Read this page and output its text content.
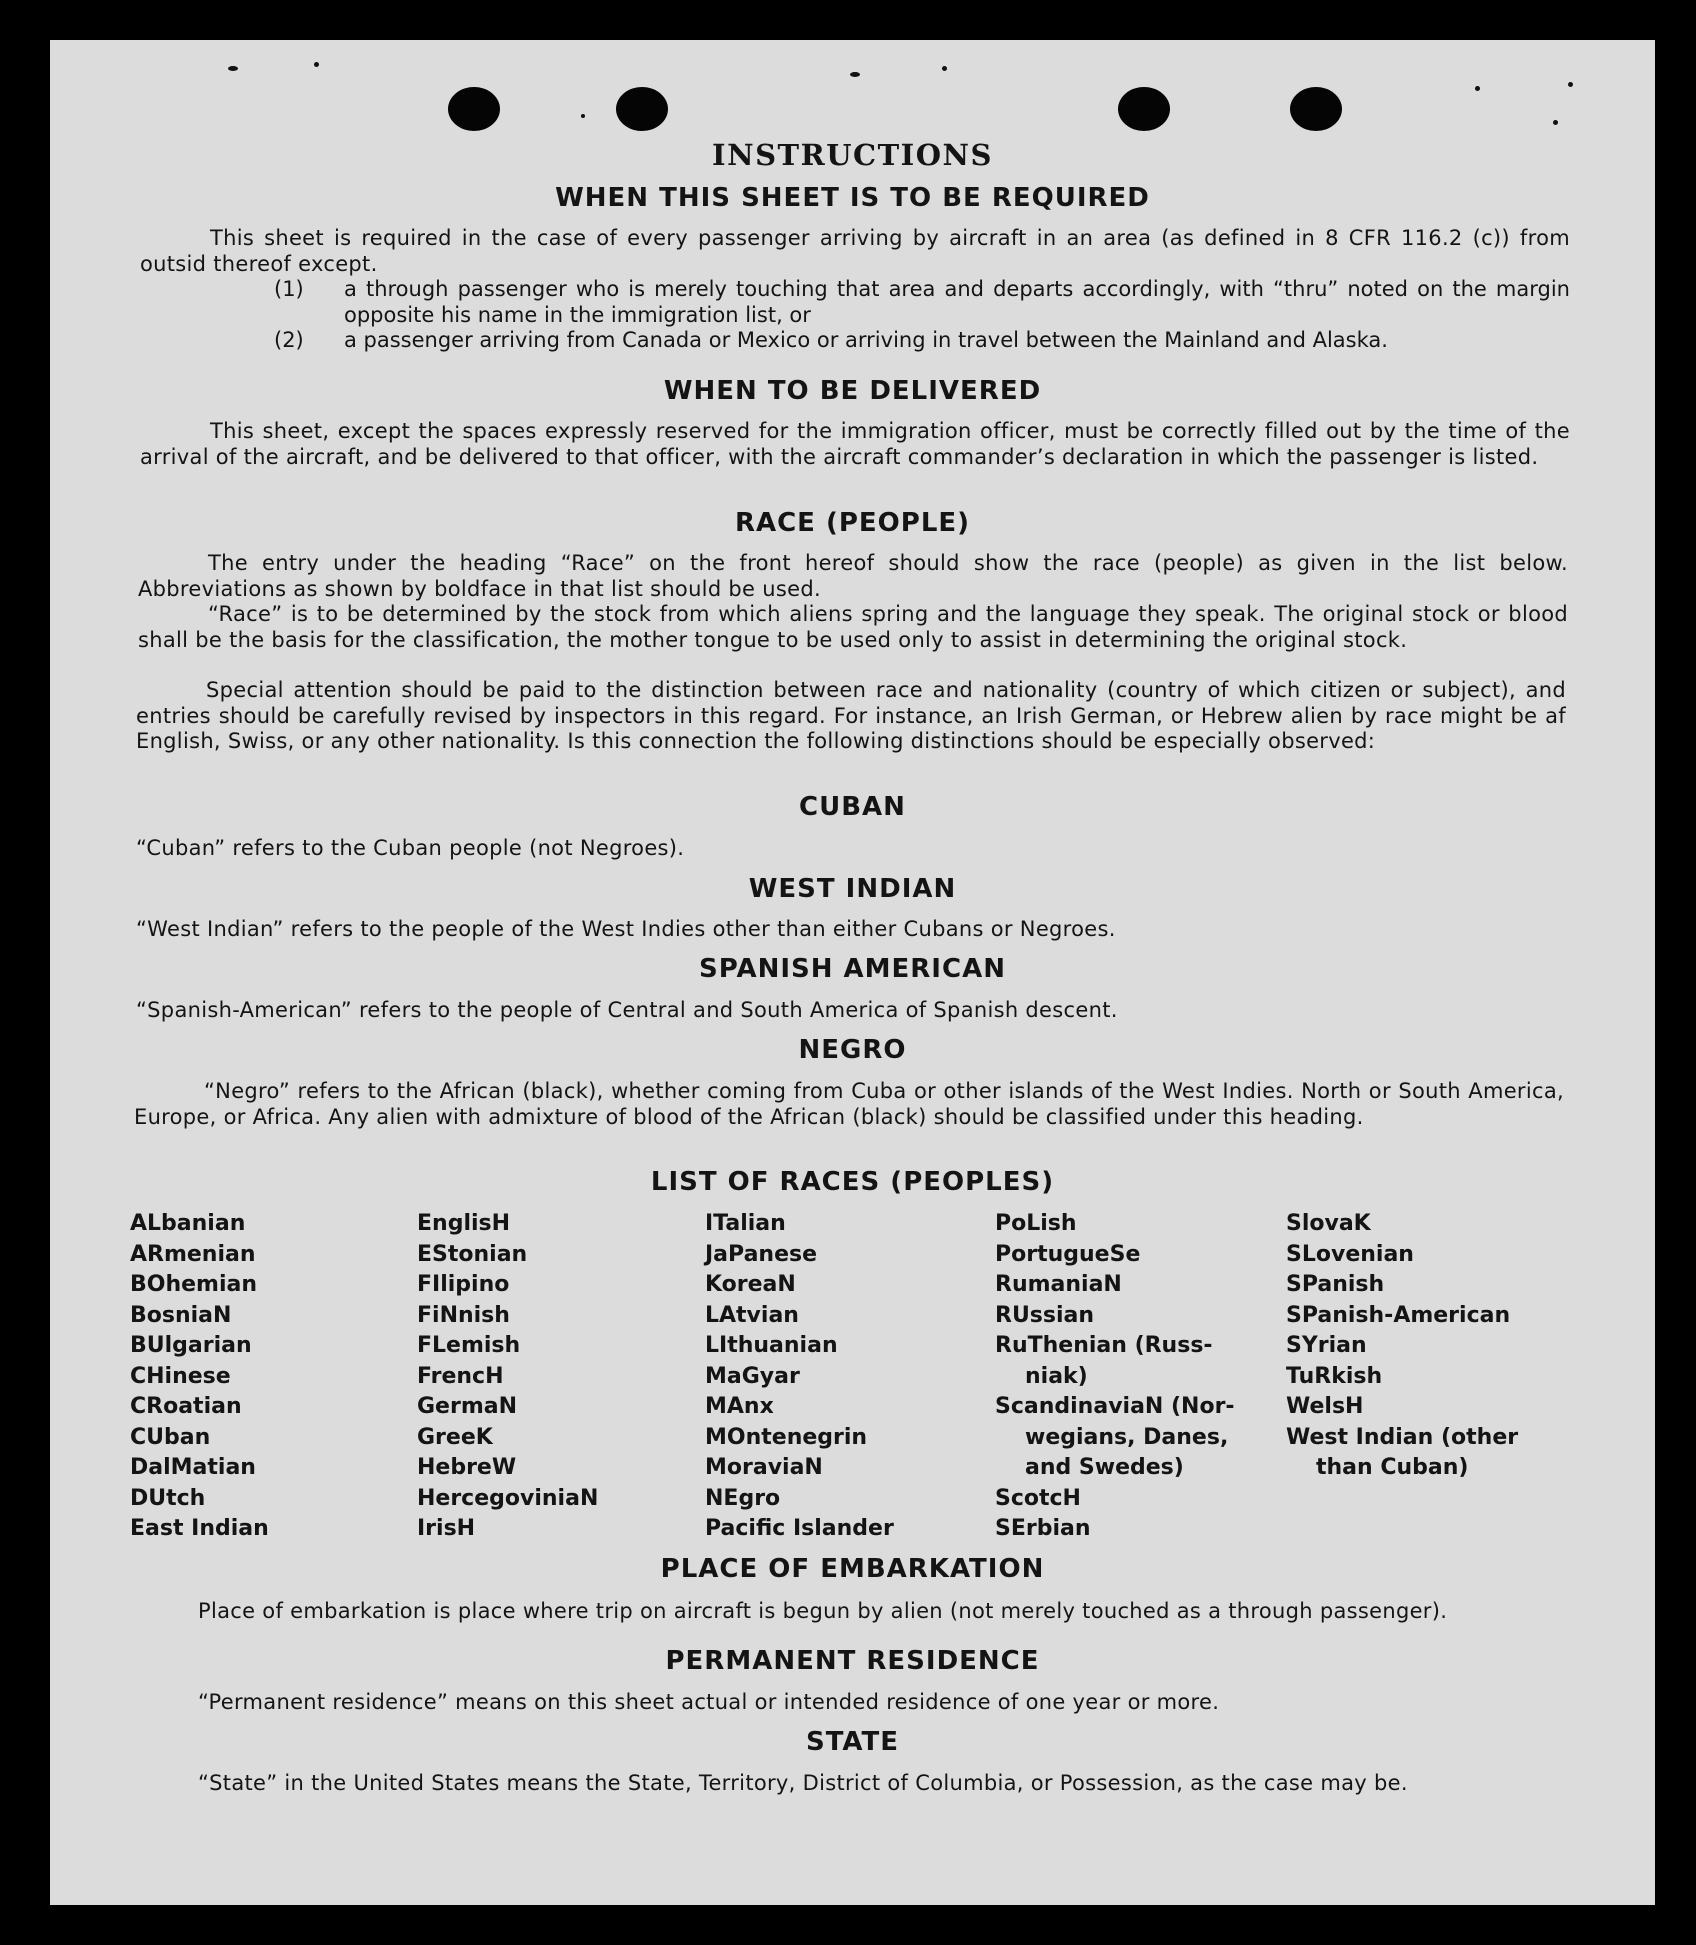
INSTRUCTIONS
WHEN THIS SHEET IS TO BE REQUIRED

This sheet is required in the case of every passenger arriving by aircraft in an area (as defined in 8 CFR 116.2 (c)) from outsid thereof except.

(1)	a through passenger who is merely touching that area and departs accordingly, with “thru” noted on the margin opposite his name in the immigration list, or

(2)	a passenger arriving from Canada or Mexico or arriving in travel between the Mainland and Alaska.

WHEN TO BE DELIVERED

This sheet, except the spaces expressly reserved for the immigration officer, must be correctly filled out by the time of the arrival of the aircraft, and be delivered to that officer, with the aircraft commander’s declaration in which the passenger is listed.

RACE (PEOPLE)

The entry under the heading “Race” on the front hereof should show the race (people) as given in the list below. Abbreviations as shown by boldface in that list should be used.

“Race” is to be determined by the stock from which aliens spring and the language they speak. The original stock or blood shall be the basis for the classification, the mother tongue to be used only to assist in determining the original stock.

Special attention should be paid to the distinction between race and nationality (country of which citizen or subject), and entries should be carefully revised by inspectors in this regard. For instance, an Irish German, or Hebrew alien by race might be af English, Swiss, or any other nationality. Is this connection the following distinctions should be especially observed:

CUBAN

“Cuban” refers to the Cuban people (not Negroes).

WEST INDIAN

“West Indian” refers to the people of the West Indies other than either Cubans or Negroes.

SPANISH AMERICAN

“Spanish-American” refers to the people of Central and South America of Spanish descent.

NEGRO

“Negro” refers to the African (black), whether coming from Cuba or other islands of the West Indies. North or South America, Europe, or Africa. Any alien with admixture of blood of the African (black) should be classified under this heading.

LIST OF RACES (PEOPLES)
ALbanian
ARmenian
BOhemian
BosniaN
BUlgarian
CHinese
CRoatian
CUban
DalMatian
DUtch
East Indian
EnglisH
EStonian
FIlipino
FiNnish
FLemish
FrencH
GermaN
GreeK
HebreW
HercegoviniaN
IrisH
ITalian
JaPanese
KoreaN
LAtvian
LIthuanian
MaGyar
MAnx
MOntenegrin
MoraviaN
NEgro
Pacific Islander
PoLish
PortugueSe
RumaniaN
RUssian
RuThenian (Russ-
niak)
ScandinaviaN (Nor-
wegians, Danes,
and Swedes)
ScotcH
SErbian
SlovaK
SLovenian
SPanish
SPanish-American
SYrian
TuRkish
WelsH
West Indian (other
than Cuban)
PLACE OF EMBARKATION

Place of embarkation is place where trip on aircraft is begun by alien (not merely touched as a through passenger).

PERMANENT RESIDENCE

“Permanent residence” means on this sheet actual or intended residence of one year or more.

STATE

“State” in the United States means the State, Territory, District of Columbia, or Possession, as the case may be.
